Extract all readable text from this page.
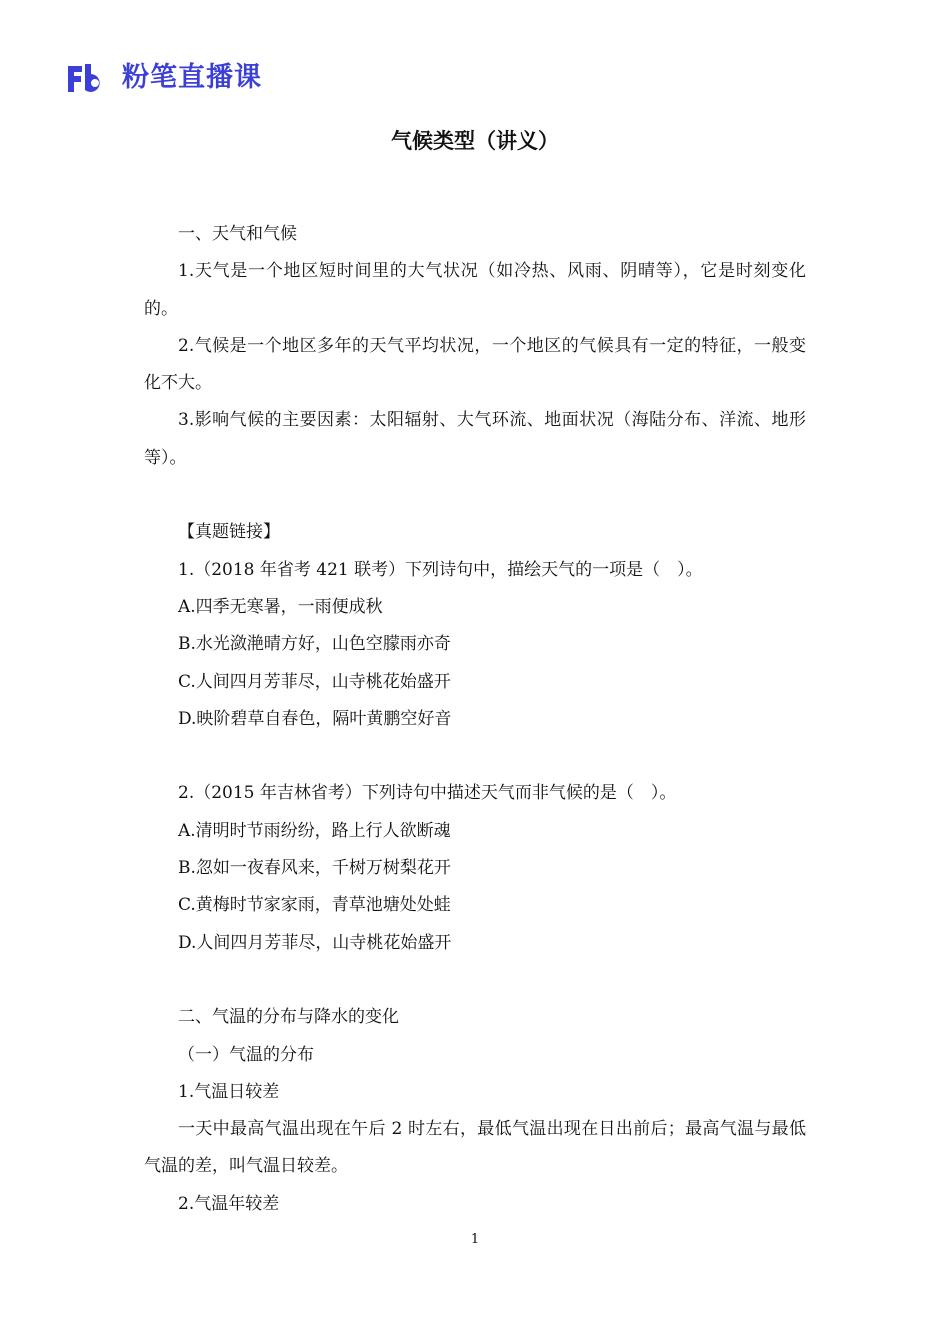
粉笔直播课
气候类型（讲义）

一、天气和气候

1.天气是一个地区短时间里的大气状况（如冷热、风雨、阴晴等），它是时刻变化的。

2.气候是一个地区多年的天气平均状况，一个地区的气候具有一定的特征，一般变化不大。

3.影响气候的主要因素：太阳辐射、大气环流、地面状况（海陆分布、洋流、地形等）。

【真题链接】

1.（2018 年省考 421 联考）下列诗句中，描绘天气的一项是（　）。

A.四季无寒暑，一雨便成秋

B.水光潋滟晴方好，山色空朦雨亦奇

C.人间四月芳菲尽，山寺桃花始盛开

D.映阶碧草自春色，隔叶黄鹏空好音

2.（2015 年吉林省考）下列诗句中描述天气而非气候的是（　）。

A.清明时节雨纷纷，路上行人欲断魂

B.忽如一夜春风来，千树万树梨花开

C.黄梅时节家家雨，青草池塘处处蛙

D.人间四月芳菲尽，山寺桃花始盛开

二、气温的分布与降水的变化

（一）气温的分布

1.气温日较差

一天中最高气温出现在午后 2 时左右，最低气温出现在日出前后；最高气温与最低气温的差，叫气温日较差。

2.气温年较差

1
